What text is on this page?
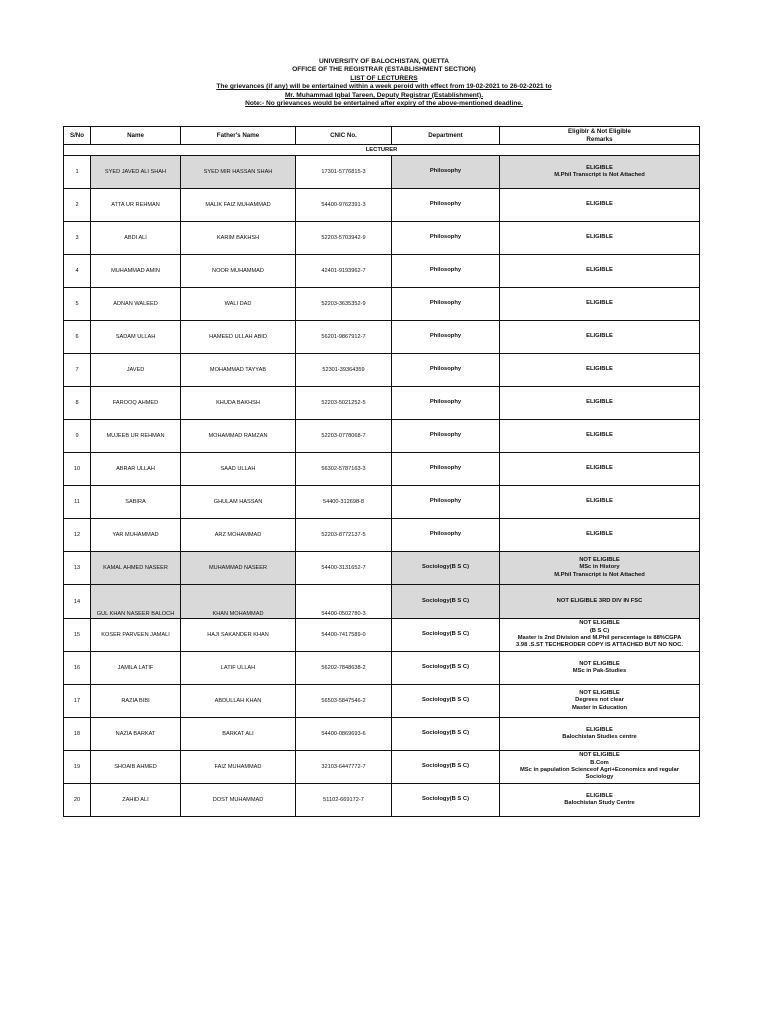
UNIVERSITY OF BALOCHISTAN, QUETTA
OFFICE OF THE REGISTRAR (ESTABLISHMENT SECTION)
LIST OF LECTURERS
The grievances (if any) will be entertained within a week peroid with effect from 19-02-2021 to 26-02-2021 to
Mr. Muhammad Iqbal Tareen, Deputy Registrar (Establishment).
Note:- No grievances would be entertained after expiry of the above-mentioned deadline.
S/No	Name	Father's Name	CNIC No.	Department	Eligiblr & Not Eligible
Remarks

LECTURER					
1	SYED JAVED ALI SHAH	SYED MIR HASSAN SHAH	17301-5776815-3	Philosophy	ELIGIBLE
M.Phil Transcript is Not Attached

2	ATTA UR REHMAN	MALIK FAIZ MUHAMMAD	54400-9762391-3	Philosophy	ELIGIBLE

3	ABDI ALI	KARIM BAKHSH	52203-5703942-9	Philosophy	ELIGIBLE

4	MUHAMMAD AMIN	NOOR MUHAMMAD	42401-9193962-7	Philosophy	ELIGIBLE

5	ADNAN WALEED	WALI DAD	52203-3635352-9	Philosophy	ELIGIBLE

6	SADAM ULLAH	HAMEED ULLAH ABID	56201-9867912-7	Philosophy	ELIGIBLE

7	JAVED	MOHAMMAD TAYYAB	52301-39364359	Philosophy	ELIGIBLE

8	FAROOQ AHMED	KHUDA BAKHSH	52203-5021252-5	Philosophy	ELIGIBLE

9	MUJEEB UR REHMAN	MOHAMMAD RAMZAN	52203-0778068-7	Philosophy	ELIGIBLE

10	ABRAR ULLAH	SAAD ULLAH	56302-5787163-3	Philosophy	ELIGIBLE

11	SABIRA	GHULAM HASSAN	54400-312698-8	Philosophy	ELIGIBLE

12	YAR MUHAMMAD	ARZ MOHAMMAD	52203-8772137-5	Philosophy	ELIGIBLE

13	KAMAL AHMED NASEER	MUHAMMAD NASEER	54400-3131652-7	Sociology(B S C)	NOT ELIGIBLE
MSc in History
M.Phil Transcript is Not Attached

14	GUL KHAN NASEER BALOCH	KHAN MOHAMMAD	54400-0502780-3	Sociology(B S C)	NOT ELIGIBLE 3RD DIV IN FSC

15	KOSER PARVEEN JAMALI	HAJI SAKANDER KHAN	54400-7417589-0	Sociology(B S C)	NOT ELIGIBLE
(B S C)
Master is 2nd Division and M.Phil perscentage is 88%CGPA
3.98 .S.ST TECHERODER COPY IS ATTACHED BUT NO NOC.

16	JAMILA LATIF	LATIF ULLAH	56202-7848638-2	Sociology(B S C)	NOT ELIGIBLE
MSc in Pak-Studies

17	RAZIA BIBI	ABDULLAH KHAN	56503-5847546-2	Sociology(B S C)	NOT ELIGIBLE
Degrees not clear
Master in Education

18	NAZIA BARKAT	BARKAT ALI	54400-0869693-6	Sociology(B S C)	ELIGIBLE
Balochistan Studies centre

19	SHOAIB AHMED	FAIZ MUHAMMAD	32103-6447772-7	Sociology(B S C)	NOT ELIGIBLE
B.Com
MSc in papulation Scienceof Agri+Economics and regular
Sociology

20	ZAHID ALI	DOST MUHAMMAD	51102-669172-7	Sociology(B S C)	ELIGIBLE
Balochistan Study Centre
